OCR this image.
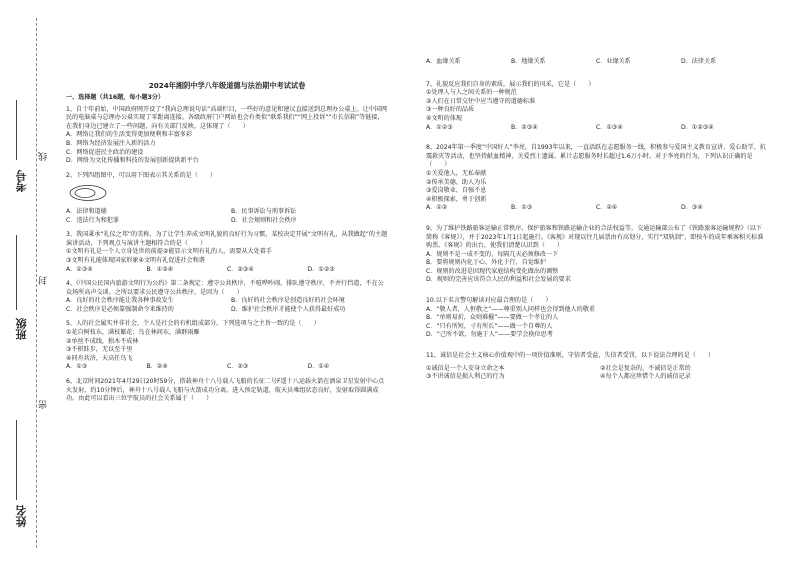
考号
班级
姓名
线
封
密
2024年湘阴中学八年级道德与法治期中考试试卷
一、选择题（共16题，每小题3分）

1、自十年前始，中国政府网开设了“我向总理说句话”高端栏目，一些好的意见和建议直接送到总理办公桌上。让中国网民的电脑桌与总理办公桌实现了零距离连接。各级政府门户网站也会有类似“联系我们”“网上投诉”“市长信箱”等链接，在我们身边已建立了一些问题，向有关部门反映，这体现了（　　）

A．网络让我们的生活变得更加便利和丰富多彩

B．网络为经济发展注入新的活力

C．网络促进民主政治的建设

D．网络为文化传播和科技的发展创新提供新平台

2、下列四组图中，可以用下图表示其关系的是（　　）

A．法律和道德	B．民事诉讼与刑事诉讼

C．违法行为和犯罪	D．社会规则和社会秩序

3、我国秉承“礼仪之邦”的美称，为了让学生养成文明礼貌的良好行为习惯，某校决定开展“文明有礼，从我做起”的主题演讲活动，下列观点与演讲主题相符合的是（　　）

①文明有礼是一个人立身处世的前提②能显示文明有礼的人，需要从大处着手

③文明有礼能体现国家形象④文明有礼促进社会和谐

A．①③④	B．①②④	C．②③④	D．①②③

4、《中国公民国内旅游文明行为公约》第二条规定：遵守公共秩序，不喧哗吵闹，排队遵守秩序，不并行挡道，不在公众场所高声交谈。之所以要求公民遵守公共秩序，是因为（　　）

A．良好的社会秩序能让我各种事故发生	B．良好的社会秩序是创造良好的社会环境

C．社会秩序是必须靠强制命令来维持的	D．维护社会秩序才能使个人获得最好成功

5、人的社会属实并非社会，个人是社会的有机组成部分。下列选项与之主旨一致的是（　　）

①花自树枝东，满枝繁花；鸟在林间东，满群雨雁

②单丝不成线，独木不成林

③不积跬步，无以至千里

④同舟共济，天高任鸟飞

A．①③	B．②④	C．②③	D．①④

6、北京时间2021年4月29日20时59分，搭载神舟十八号载人飞船的长征二号F遥十八运载火箭在酒泉卫星发射中心点火发射，约10分钟后，神舟十八号载人飞船与火箭成功分离，进入预定轨道，航天员乘组状态良好，发射取得圆满成功。由此可以看出三位宇航员的社会关系属于（　　）

A．血缘关系	B．地缘关系	C．业缘关系	D．法律关系

7、礼貌反应我们自身的素质，展示我们的风采，它是（　　）

①处理人与人之间关系的一种规范

②人们在日常交往中应当遵守的道德标准

③一种良好的品质

④文明的体现

A．①②③	B．②③④	C．①③④	D．①②③④

8、2024年第一季度“中国好人”李亮，自1993年以来，一直活跃在志愿服务一线，积极参与爱国主义教育宣讲、爱心助学、抗震救灾等活动，也坚持献血精神，关爱烈士遗属，累计志愿服务时长超过1.6万小时。对于李亮的行为，下列认识正确的是（　　）

①关爱他人，无私奉献

②传承美德，助人为乐

③爱岗敬业，自强不息

④积极探索，勇于创新

A．①②	B．①③	C．②④	D．③④

9、为了维护铁路旅客运输正常秩序，保护旅客和铁路运输企业的合法权益等，交通运输部公布了《铁路旅客运输规程》（以下简称《客规》），并于2023年1月1日起施行。《客规》对现以往几届票由有高划分，实行“双轨制”，即按车的成年乘客相关标准购票。《客规》的出台，使我们清楚认识到（　　）

A．规则不是一成不变的，每隔几天必须修改一下

B．要将规则内化于心、外化于行，自觉维护

C．规则的改进是因现代家庭结构变化做出的调整

D．规则的完善应该符合人民的利益和社会发展的要求

10.以下名言警句解读对应最合理的是（　　）

A．“敬人者，人恒敬之”——尊重别人同样也会得到他人的敬重

B．“单则易折，众则难摧”——要做一个孝让的人

C．“只有所短，寸有所长”——做一个自尊的人

D．“己所不欲，勿施于人”——要学会换位思考

11、诚信是社会主义核心价值观中的一项价值准则，守信者受益，失信者受罚，以下说法合理的是（　　）

①诚信是一个人安身立命之本	②社会是复杂的，不诚信是正常的

③不讲诚信是损人利己的行为	④每个人都应珍惜个人的诚信记录
